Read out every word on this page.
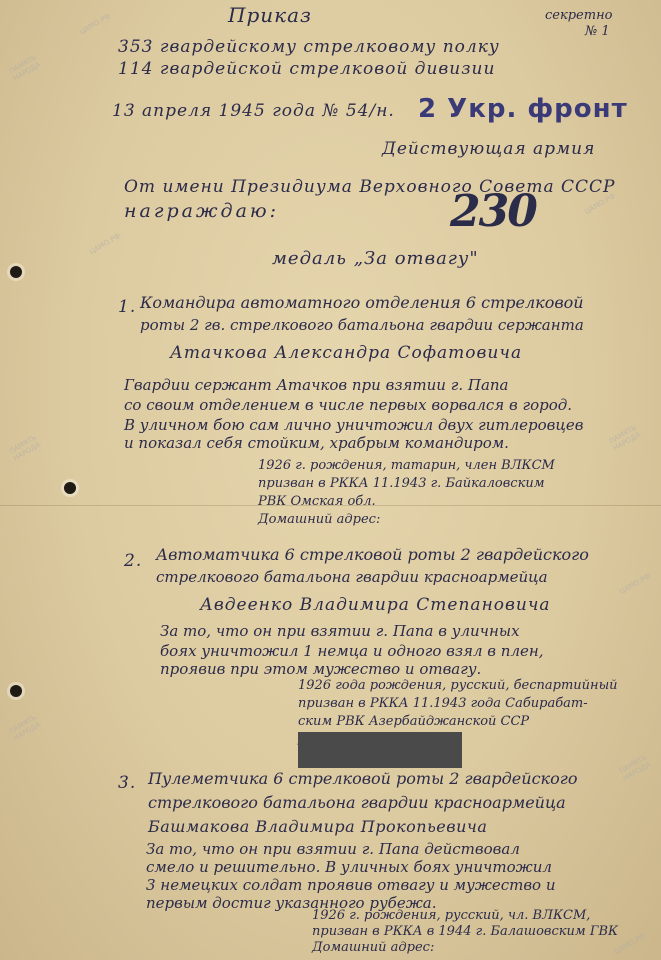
ПАМЯТЬ НАРОДА
ПАМЯТЬ НАРОДА
ПАМЯТЬ НАРОДА
ПАМЯТЬ НАРОДА
ПАМЯТЬ НАРОДА
ЦАМО.РФ
ЦАМО.РФ
ЦАМО.РФ
ЦАМО.РФ
ЦАМО.РФ
секретно
№ 1
Приказ
353 гвардейскому стрелковому полку
114 гвардейской стрелковой дивизии
13 апреля 1945 года № 54/н. 2 Укр. фронт
Действующая армия
От имени Президиума Верховного Совета СССР
награждаю:	230
медаль „За отвагу"
1. Командира автоматного отделения 6 стрелковой
роты 2 гв. стрелкового батальона гвардии сержанта
Атачкова Александра Софатовича
Гвардии сержант Атачков при взятии г. Папа
со своим отделением в числе первых ворвался в город.
В уличном бою сам лично уничтожил двух гитлеровцев
и показал себя стойким, храбрым командиром.
1926 г. рождения, татарин, член ВЛКСМ
призван в РККА 11.1943 г. Байкаловским
РВК Омская обл.
Домашний адрес:
2. Автоматчика 6 стрелковой роты 2 гвардейского
стрелкового батальона гвардии красноармейца
Авдеенко Владимира Степановича
За то, что он при взятии г. Папа в уличных
боях уничтожил 1 немца и одного взял в плен,
проявив при этом мужество и отвагу.
1926 года рождения, русский, беспартийный
призван в РККА 11.1943 года Сабирабат-
ским РВК Азербайджанской ССР
3. Пулеметчика 6 стрелковой роты 2 гвардейского
стрелкового батальона гвардии красноармейца
Башмакова Владимира Прокопьевича
За то, что он при взятии г. Папа действовал
смело и решительно. В уличных боях уничтожил
3 немецких солдат проявив отвагу и мужество и
первым достиг указанного рубежа.
1926 г. рождения, русский, чл. ВЛКСМ,
призван в РККА в 1944 г. Балашовским ГВК
Домашний адрес:
